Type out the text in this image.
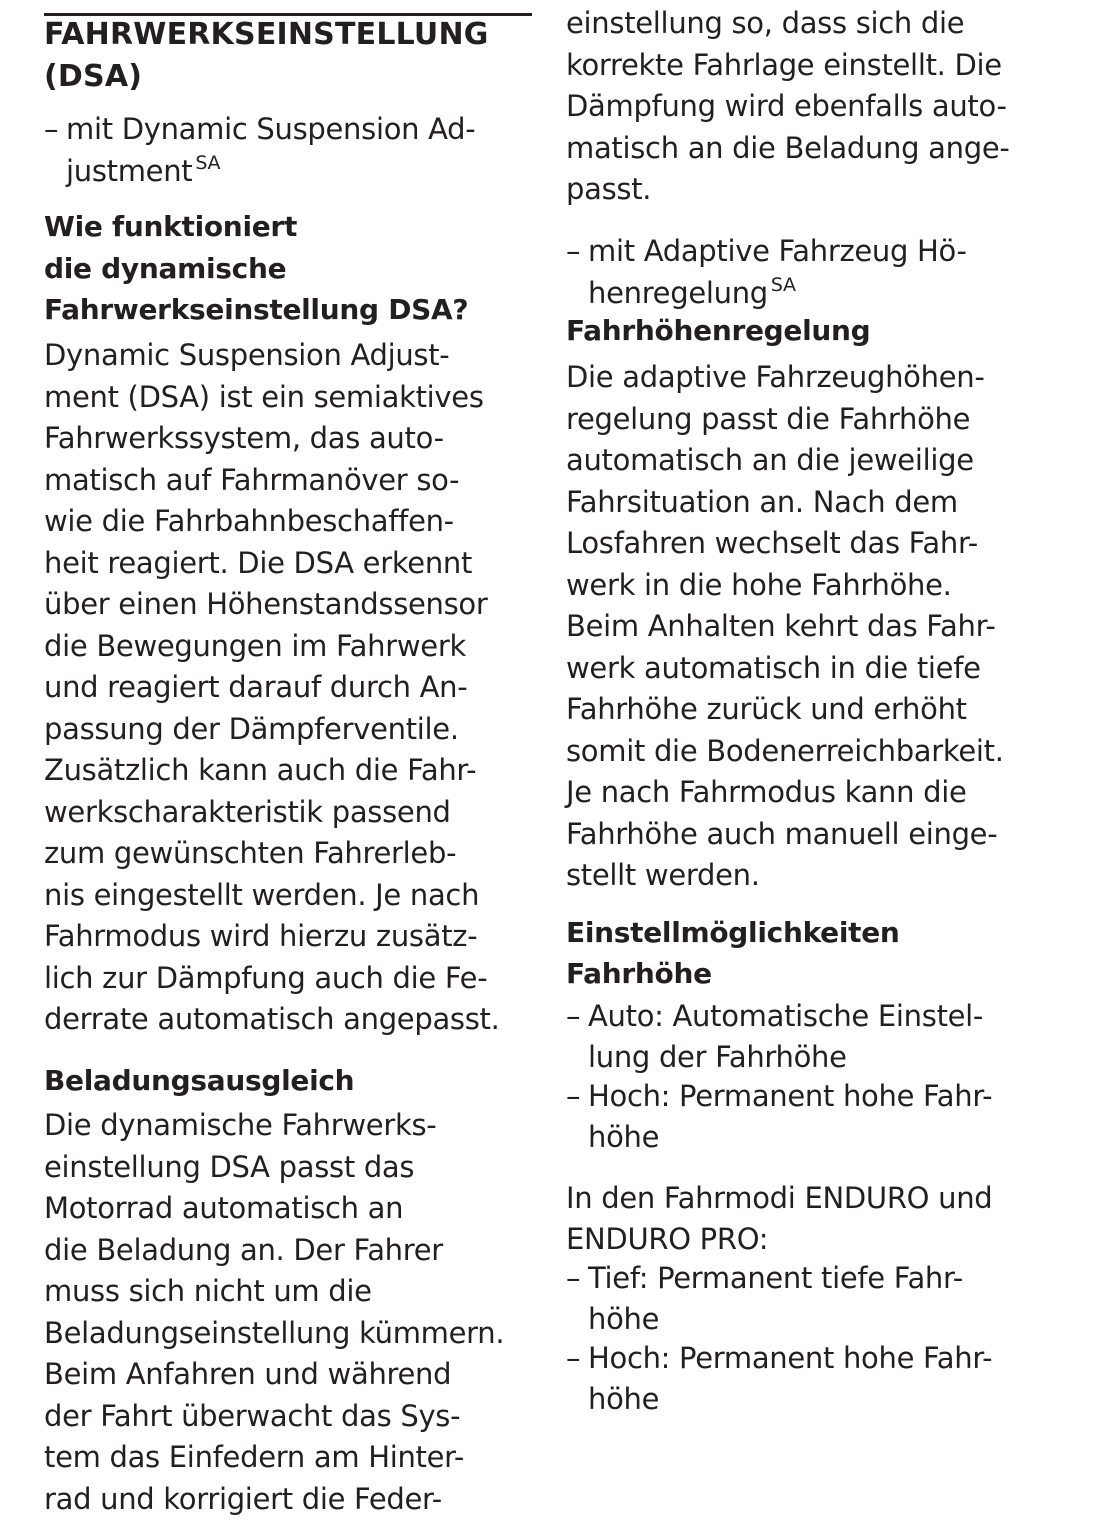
FAHRWERKSEINSTELLUNG
(DSA)
– mit Dynamic Suspension Ad-
justment $^{SA}$
Wie funktioniert
die dynamische
Fahrwerkseinstellung DSA?
Dynamic Suspension Adjust-
ment (DSA) ist ein semiaktives
Fahrwerkssystem, das auto-
matisch auf Fahrmanöver so-
wie die Fahrbahnbeschaffen-
heit reagiert. Die DSA erkennt
über einen Höhenstandssensor
die Bewegungen im Fahrwerk
und reagiert darauf durch An-
passung der Dämpferventile.
Zusätzlich kann auch die Fahr-
werkscharakteristik passend
zum gewünschten Fahrerleb-
nis eingestellt werden. Je nach
Fahrmodus wird hierzu zusätz-
lich zur Dämpfung auch die Fe-
derrate automatisch angepasst.
Beladungsausgleich
Die dynamische Fahrwerks-
einstellung DSA passt das
Motorrad automatisch an
die Beladung an. Der Fahrer
muss sich nicht um die
Beladungseinstellung kümmern.
Beim Anfahren und während
der Fahrt überwacht das Sys-
tem das Einfedern am Hinter-
rad und korrigiert die Feder-
einstellung so, dass sich die
korrekte Fahrlage einstellt. Die
Dämpfung wird ebenfalls auto-
matisch an die Beladung ange-
passt.
– mit Adaptive Fahrzeug Hö-
henregelung $^{SA}$
Fahrhöhenregelung
Die adaptive Fahrzeughöhen-
regelung passt die Fahrhöhe
automatisch an die jeweilige
Fahrsituation an. Nach dem
Losfahren wechselt das Fahr-
werk in die hohe Fahrhöhe.
Beim Anhalten kehrt das Fahr-
werk automatisch in die tiefe
Fahrhöhe zurück und erhöht
somit die Bodenerreichbarkeit.
Je nach Fahrmodus kann die
Fahrhöhe auch manuell einge-
stellt werden.
Einstellmöglichkeiten
Fahrhöhe
– Auto: Automatische Einstel-
lung der Fahrhöhe
– Hoch: Permanent hohe Fahr-
höhe
In den Fahrmodi ENDURO und
ENDURO PRO:
– Tief: Permanent tiefe Fahr-
höhe
– Hoch: Permanent hohe Fahr-
höhe
